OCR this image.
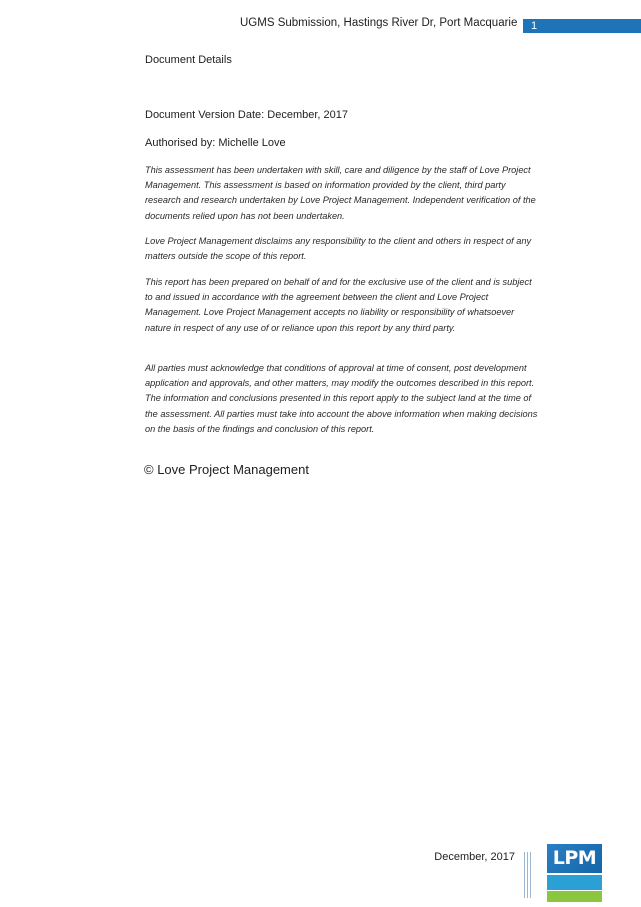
UGMS Submission, Hastings River Dr, Port Macquarie 1
Document Details
Document Version Date: December, 2017
Authorised by: Michelle Love

This assessment has been undertaken with skill, care and diligence by the staff of Love Project Management. This assessment is based on information provided by the client, third party research and research undertaken by Love Project Management. Independent verification of the documents relied upon has not been undertaken.

Love Project Management disclaims any responsibility to the client and others in respect of any matters outside the scope of this report.

This report has been prepared on behalf of and for the exclusive use of the client and is subject to and issued in accordance with the agreement between the client and Love Project Management. Love Project Management accepts no liability or responsibility of whatsoever nature in respect of any use of or reliance upon this report by any third party.

All parties must acknowledge that conditions of approval at time of consent, post development application and approvals, and other matters, may modify the outcomes described in this report. The information and conclusions presented in this report apply to the subject land at the time of the assessment. All parties must take into account the above information when making decisions on the basis of the findings and conclusion of this report.

© Love Project Management
December, 2017	LPM
